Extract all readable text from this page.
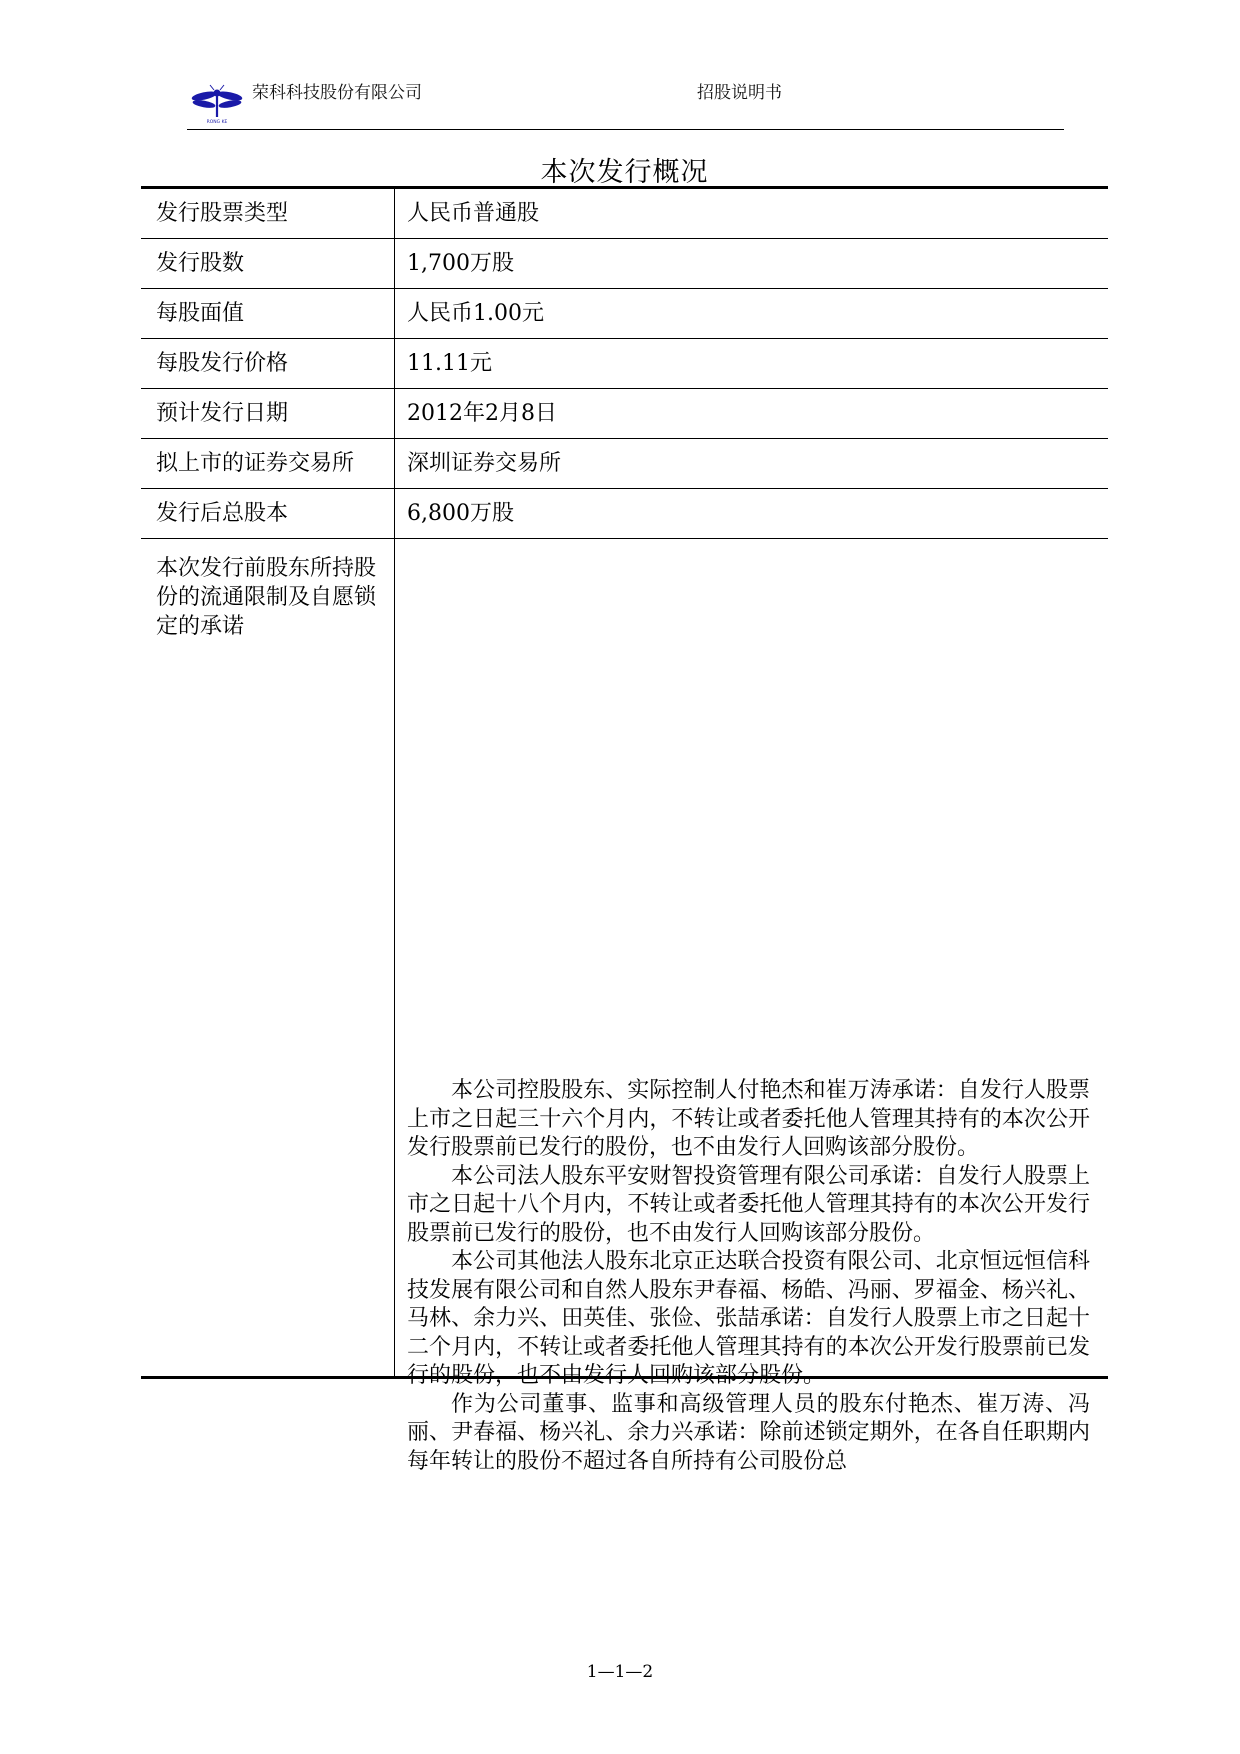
RONG KE
荣科科技股份有限公司	招股说明书
本次发行概况
发行股票类型	人民币普通股
发行股数	1,700万股
每股面值	人民币1.00元
每股发行价格	11.11元
预计发行日期	2012年2月8日
拟上市的证券交易所	深圳证券交易所
发行后总股本	6,800万股
本次发行前股东所持股份的流通限制及自愿锁定的承诺

本公司控股股东、实际控制人付艳杰和崔万涛承诺：自发行人股票上市之日起三十六个月内，不转让或者委托他人管理其持有的本次公开发行股票前已发行的股份，也不由发行人回购该部分股份。

本公司法人股东平安财智投资管理有限公司承诺：自发行人股票上市之日起十八个月内，不转让或者委托他人管理其持有的本次公开发行股票前已发行的股份，也不由发行人回购该部分股份。

本公司其他法人股东北京正达联合投资有限公司、北京恒远恒信科技发展有限公司和自然人股东尹春福、杨皓、冯丽、罗福金、杨兴礼、马林、余力兴、田英佳、张俭、张喆承诺：自发行人股票上市之日起十二个月内，不转让或者委托他人管理其持有的本次公开发行股票前已发行的股份，也不由发行人回购该部分股份。

作为公司董事、监事和高级管理人员的股东付艳杰、崔万涛、冯丽、尹春福、杨兴礼、余力兴承诺：除前述锁定期外，在各自任职期内每年转让的股份不超过各自所持有公司股份总

1—1—2
